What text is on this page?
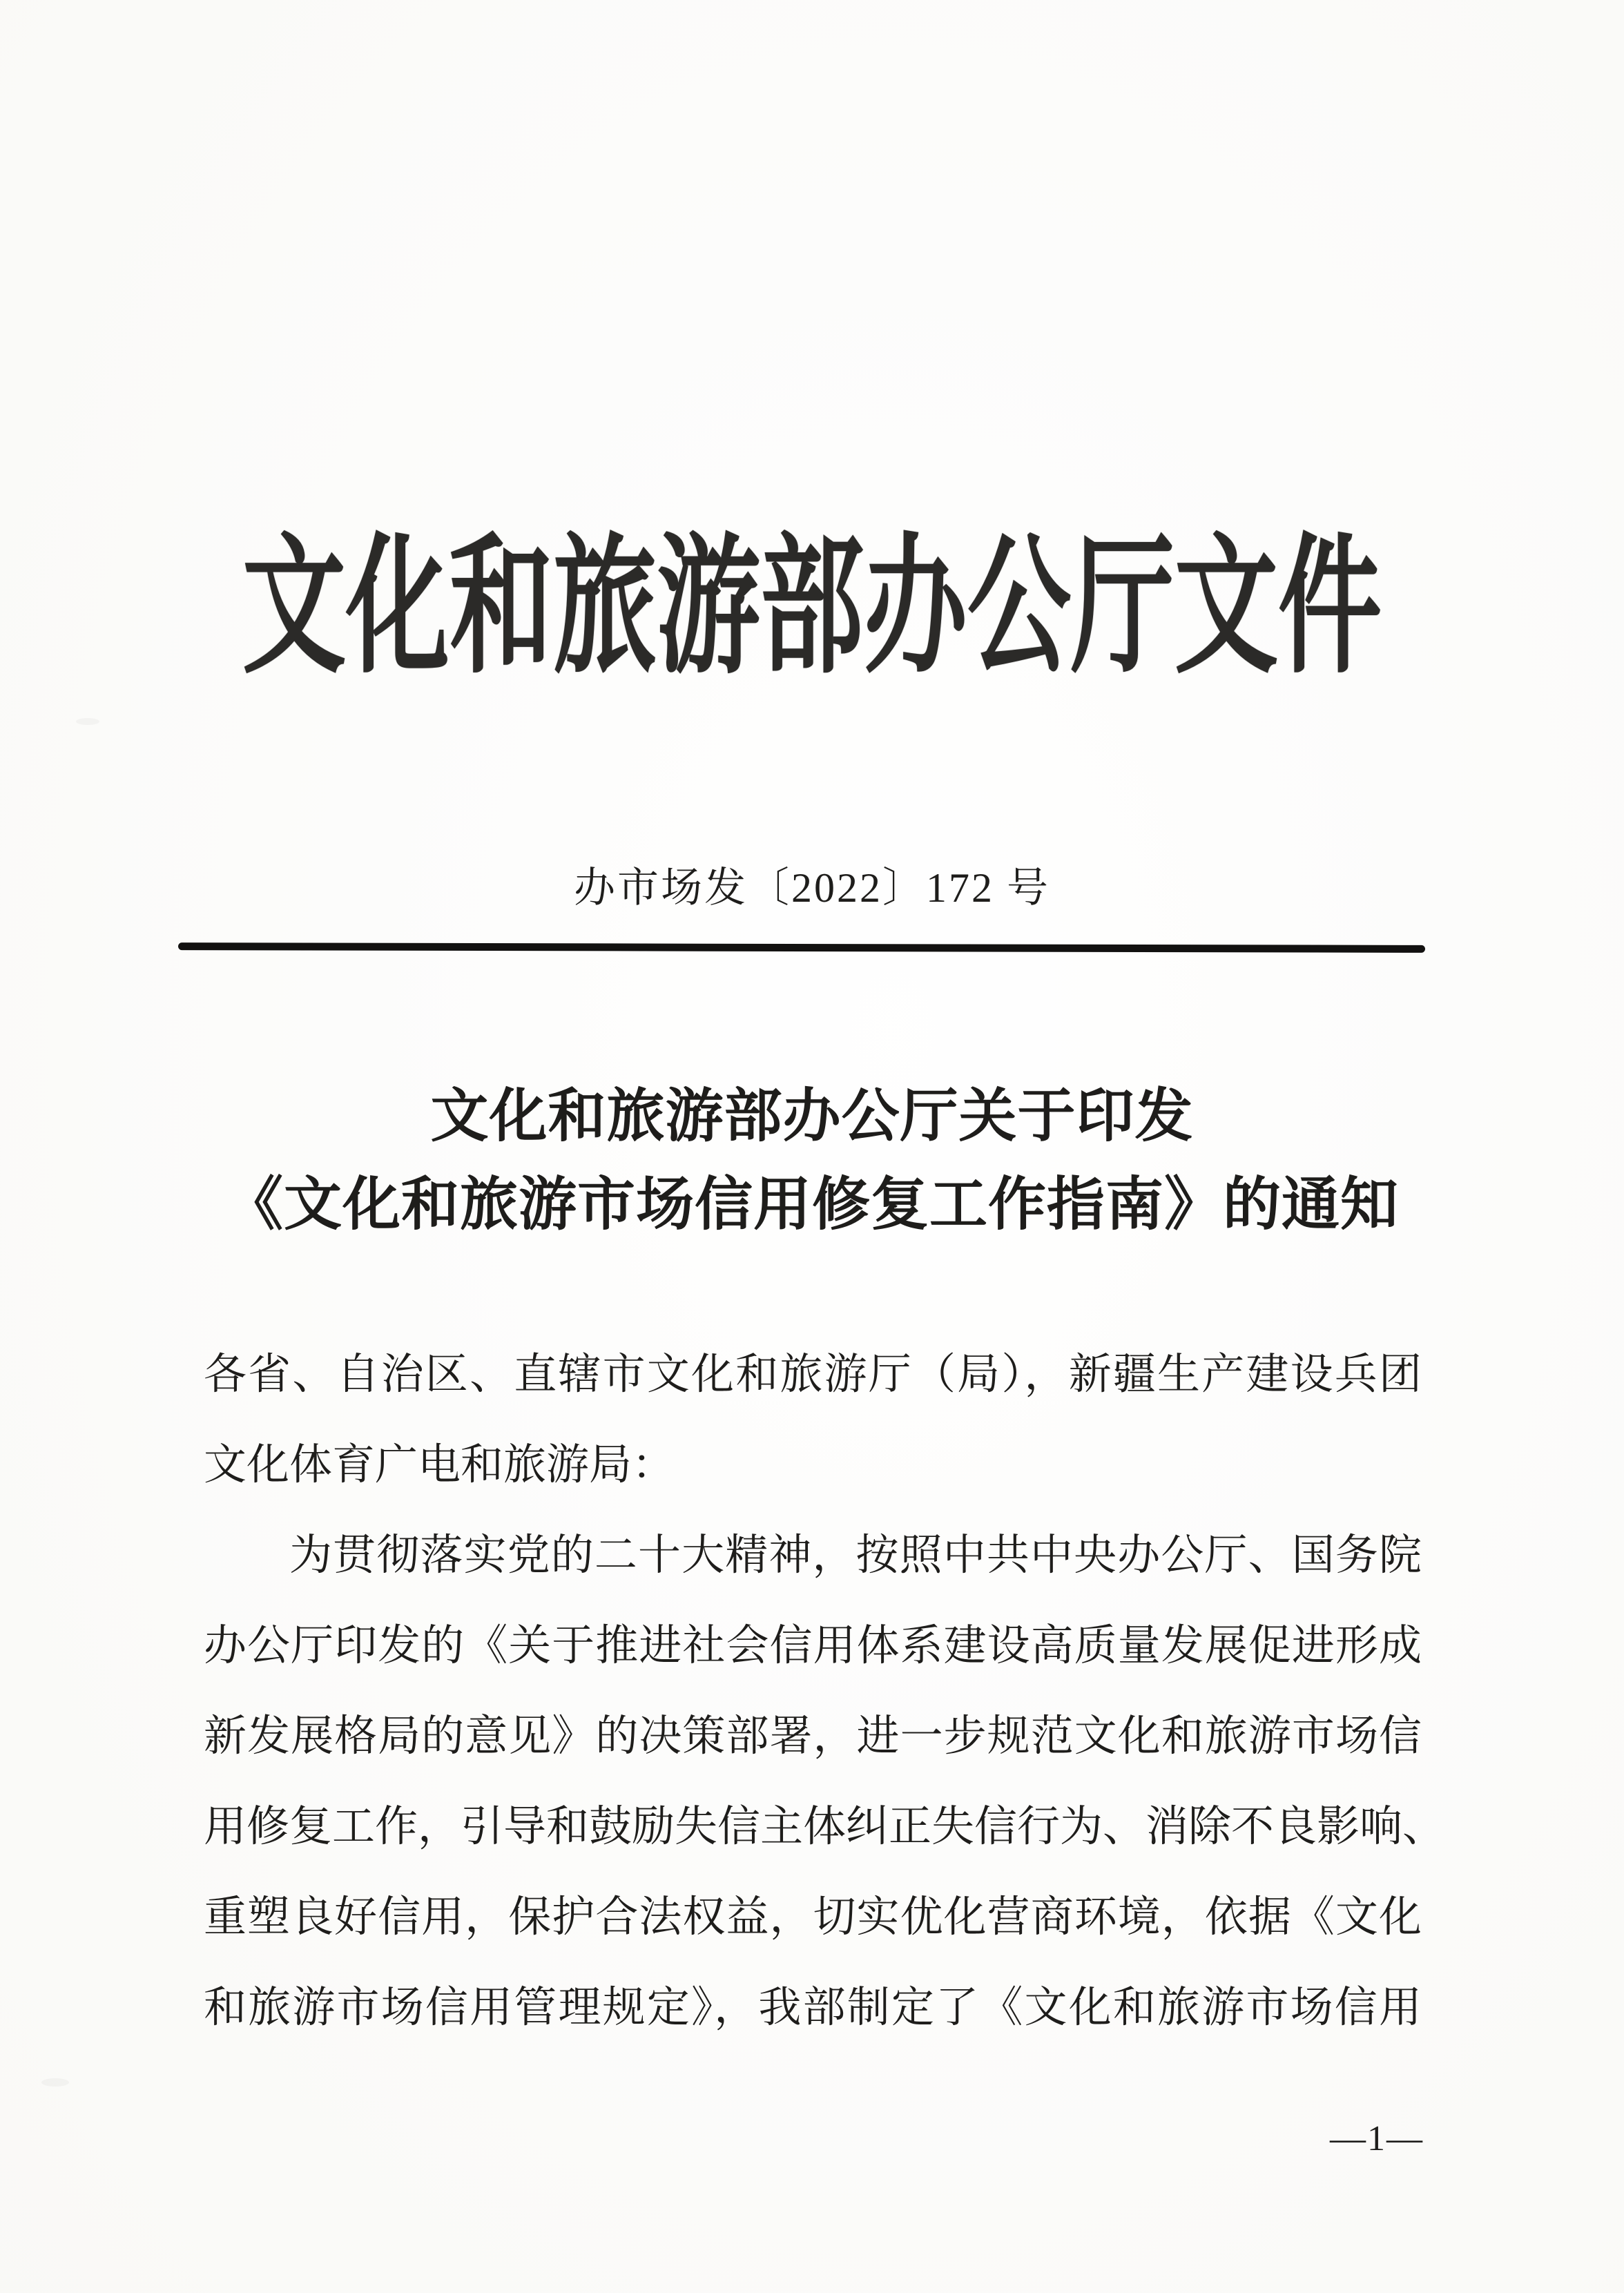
文化和旅游部办公厅文件
办市场发〔2022〕172 号
文化和旅游部办公厅关于印发
《文化和旅游市场信用修复工作指南》的通知
各省、自治区、直辖市文化和旅游厅（局），新疆生产建设兵团
文化体育广电和旅游局：
为贯彻落实党的二十大精神，按照中共中央办公厅、国务院
办公厅印发的《关于推进社会信用体系建设高质量发展促进形成
新发展格局的意见》的决策部署，进一步规范文化和旅游市场信
用修复工作，引导和鼓励失信主体纠正失信行为、消除不良影响、
重塑良好信用，保护合法权益，切实优化营商环境，依据《文化
和旅游市场信用管理规定》，我部制定了《文化和旅游市场信用
—1—
